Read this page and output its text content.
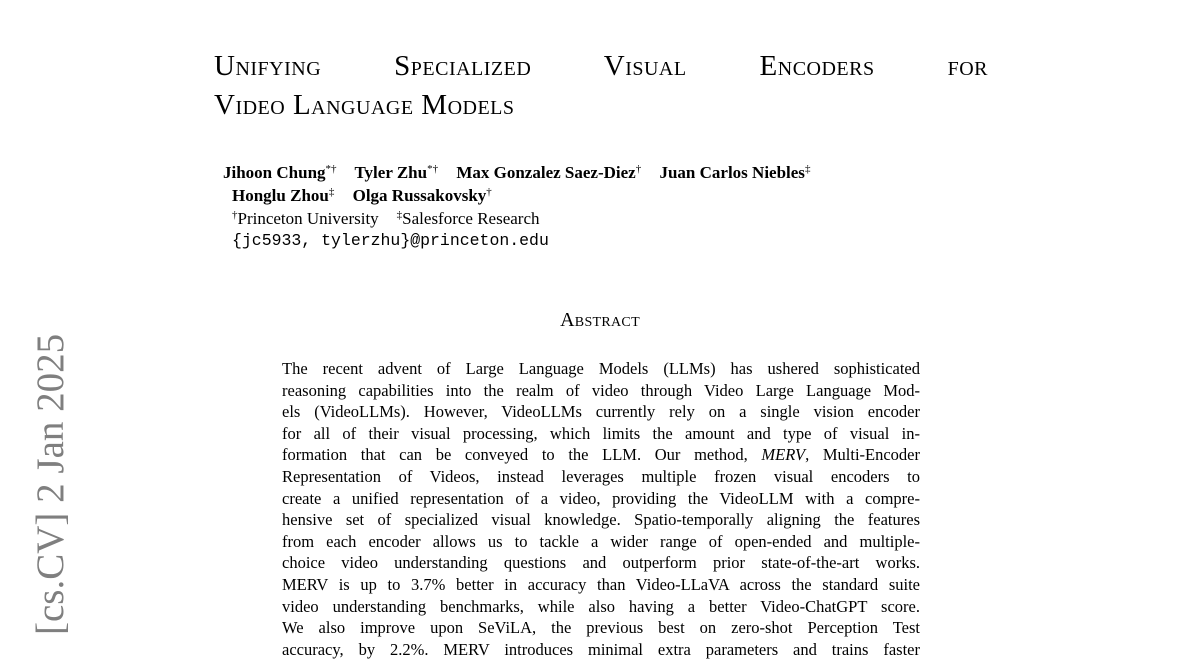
[cs.CV] 2 Jan 2025
Unifying Specialized Visual Encoders for
Video Language Models
Jihoon Chung*† Tyler Zhu*† Max Gonzalez Saez-Diez† Juan Carlos Niebles‡
Honglu Zhou‡ Olga Russakovsky†
†Princeton University ‡Salesforce Research
{jc5933, tylerzhu}@princeton.edu
Abstract
The recent advent of Large Language Models (LLMs) has ushered sophisticated
reasoning capabilities into the realm of video through Video Large Language Mod-
els (VideoLLMs). However, VideoLLMs currently rely on a single vision encoder
for all of their visual processing, which limits the amount and type of visual in-
formation that can be conveyed to the LLM. Our method, MERV, Multi-Encoder
Representation of Videos, instead leverages multiple frozen visual encoders to
create a unified representation of a video, providing the VideoLLM with a compre-
hensive set of specialized visual knowledge. Spatio-temporally aligning the features
from each encoder allows us to tackle a wider range of open-ended and multiple-
choice video understanding questions and outperform prior state-of-the-art works.
MERV is up to 3.7% better in accuracy than Video-LLaVA across the standard suite
video understanding benchmarks, while also having a better Video-ChatGPT score.
We also improve upon SeViLA, the previous best on zero-shot Perception Test
accuracy, by 2.2%. MERV introduces minimal extra parameters and trains faster
